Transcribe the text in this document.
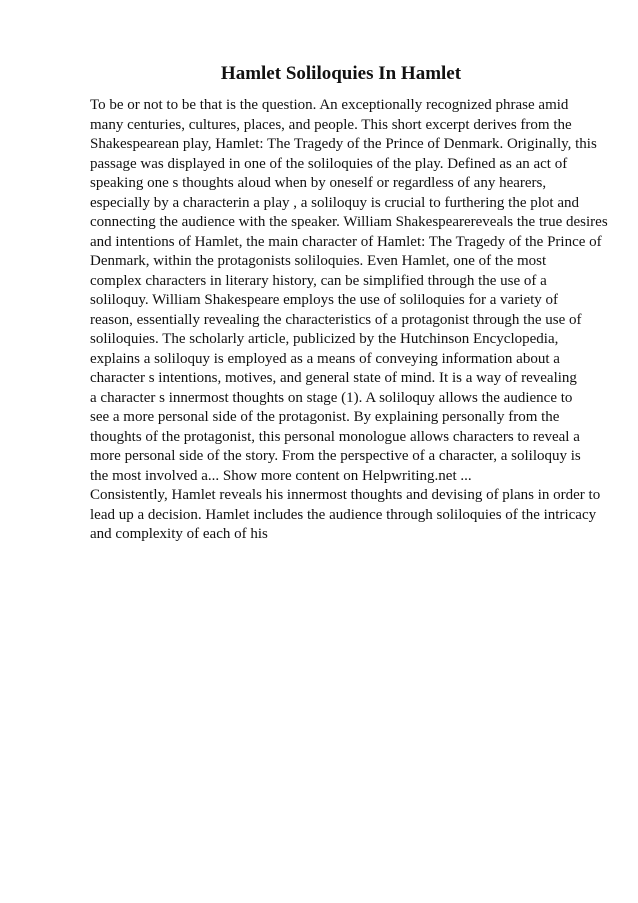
Hamlet Soliloquies In Hamlet
To be or not to be that is the question. An exceptionally recognized phrase amid
many centuries, cultures, places, and people. This short excerpt derives from the
Shakespearean play, Hamlet: The Tragedy of the Prince of Denmark. Originally, this
passage was displayed in one of the soliloquies of the play. Defined as an act of
speaking one s thoughts aloud when by oneself or regardless of any hearers,
especially by a characterin a play , a soliloquy is crucial to furthering the plot and
connecting the audience with the speaker. William Shakespearereveals the true desires
and intentions of Hamlet, the main character of Hamlet: The Tragedy of the Prince of
Denmark, within the protagonists soliloquies. Even Hamlet, one of the most
complex characters in literary history, can be simplified through the use of a
soliloquy. William Shakespeare employs the use of soliloquies for a variety of
reason, essentially revealing the characteristics of a protagonist through the use of
soliloquies. The scholarly article, publicized by the Hutchinson Encyclopedia,
explains a soliloquy is employed as a means of conveying information about a
character s intentions, motives, and general state of mind. It is a way of revealing
a character s innermost thoughts on stage (1). A soliloquy allows the audience to
see a more personal side of the protagonist. By explaining personally from the
thoughts of the protagonist, this personal monologue allows characters to reveal a
more personal side of the story. From the perspective of a character, a soliloquy is
the most involved a... Show more content on Helpwriting.net ...
Consistently, Hamlet reveals his innermost thoughts and devising of plans in order to
lead up a decision. Hamlet includes the audience through soliloquies of the intricacy
and complexity of each of his
